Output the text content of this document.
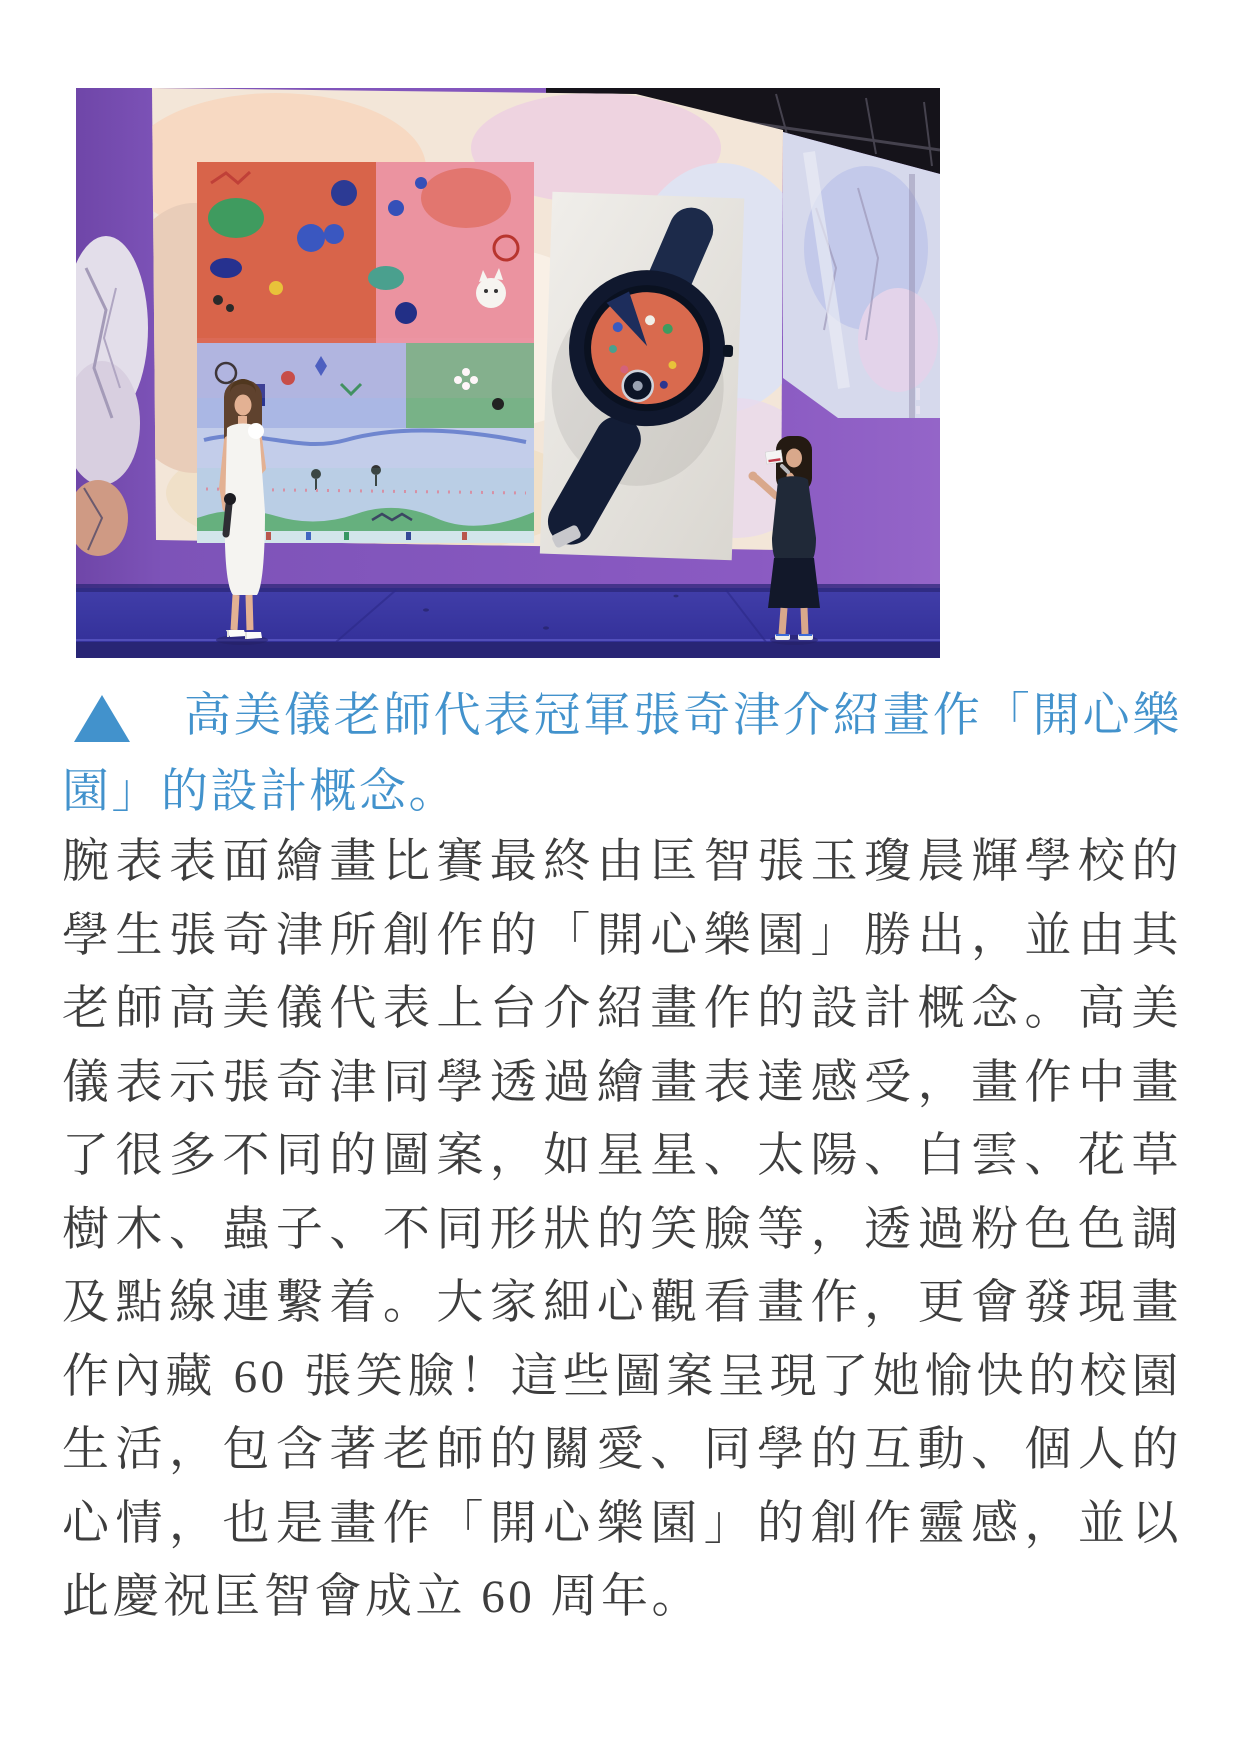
高美儀老師代表冠軍張奇津介紹畫作「開心樂
園」的設計概念。
腕表表面繪畫比賽最終由匡智張玉瓊晨輝學校的
學生張奇津所創作的「開心樂園」勝出，並由其
老師高美儀代表上台介紹畫作的設計概念。高美
儀表示張奇津同學透過繪畫表達感受，畫作中畫
了很多不同的圖案，如星星、太陽、白雲、花草
樹木、蟲子、不同形狀的笑臉等，透過粉色色調
及點線連繫着。大家細心觀看畫作，更會發現畫
作內藏 60 張笑臉！這些圖案呈現了她愉快的校園
生活，包含著老師的關愛、同學的互動、個人的
心情，也是畫作「開心樂園」的創作靈感，並以
此慶祝匡智會成立 60 周年。
